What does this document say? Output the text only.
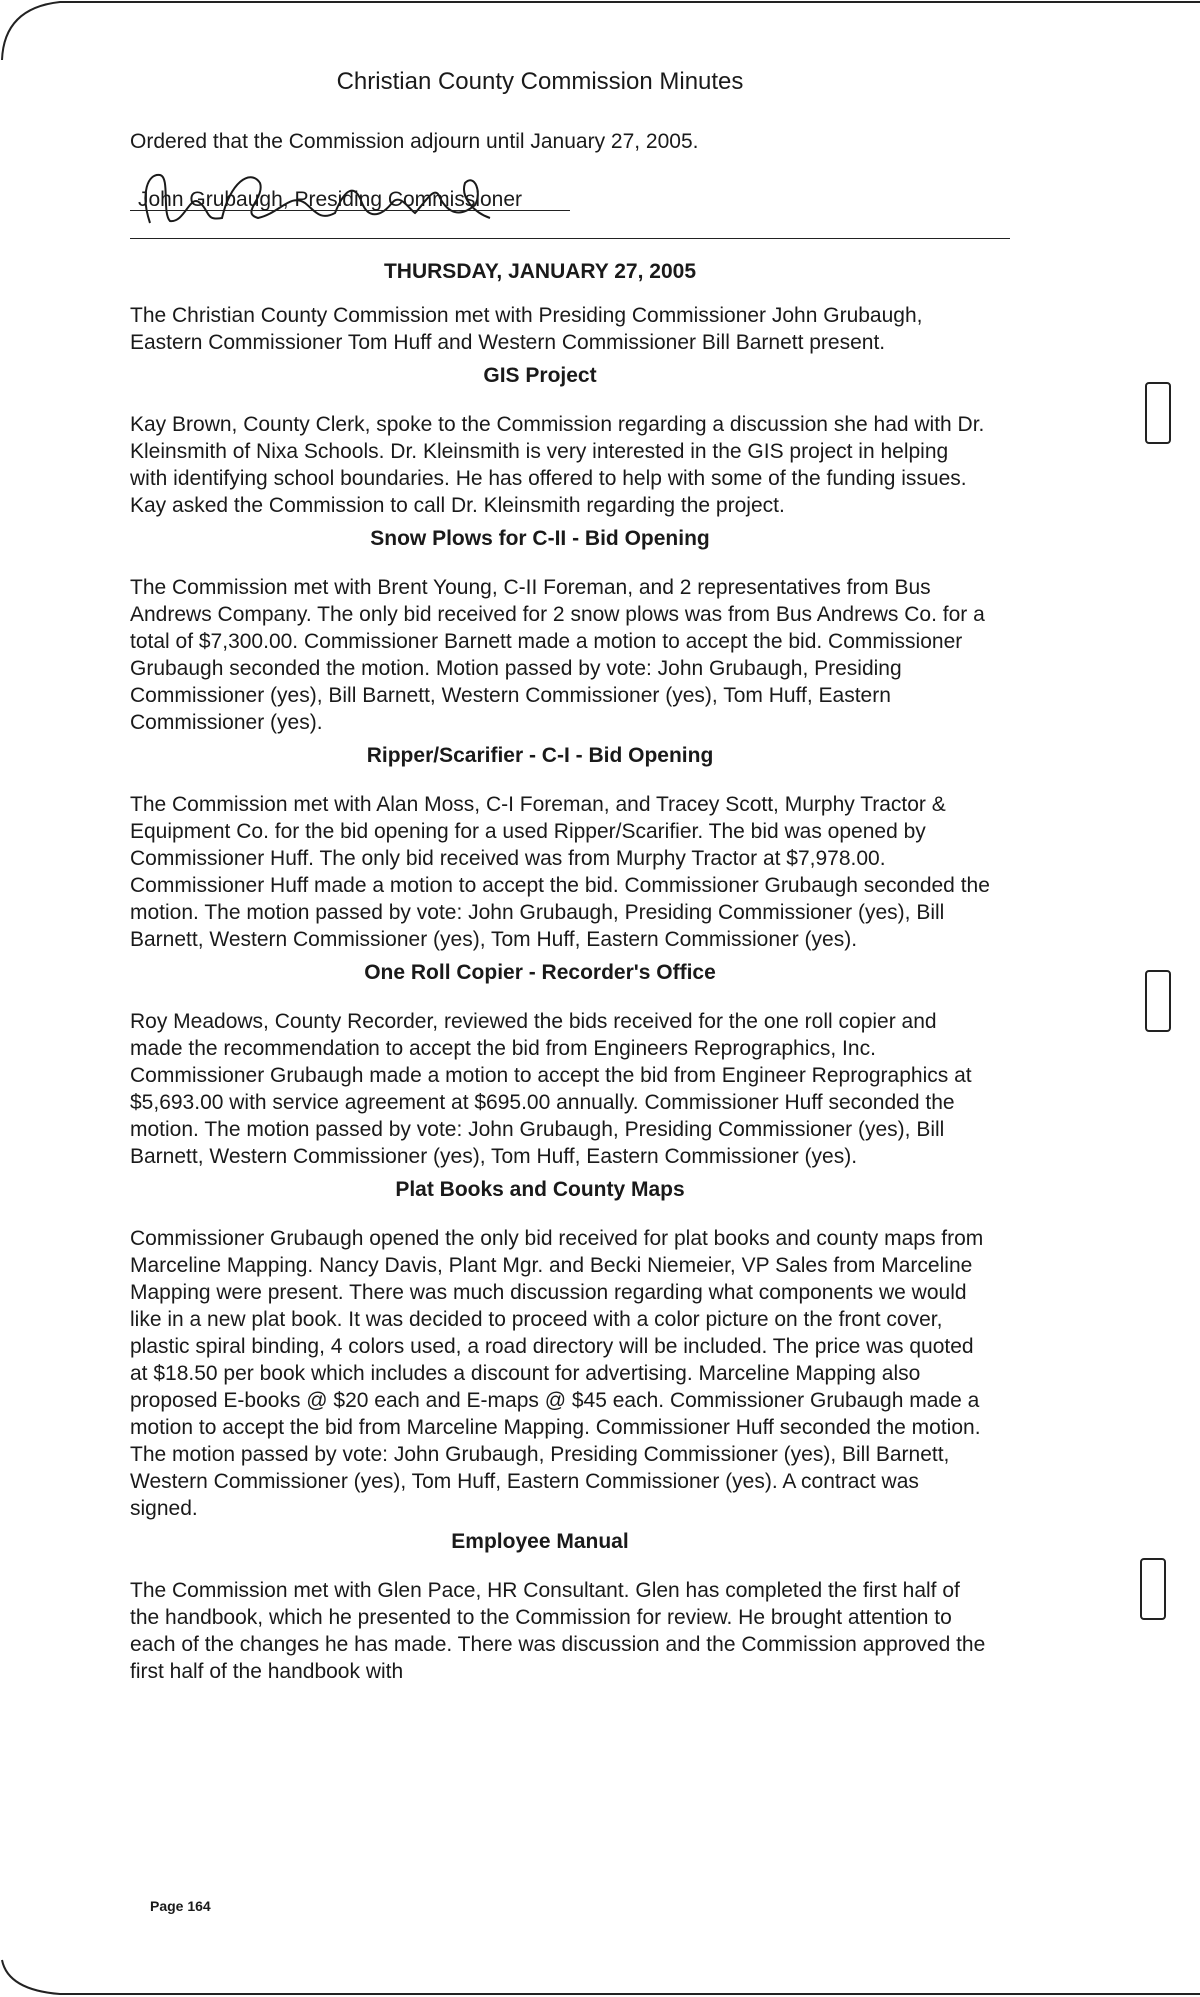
Christian County Commission Minutes
Ordered that the Commission adjourn until January 27, 2005.
John Grubaugh, Presiding Commissioner
THURSDAY, JANUARY 27, 2005

The Christian County Commission met with Presiding Commissioner John Grubaugh, Eastern Commissioner Tom Huff and Western Commissioner Bill Barnett present.

GIS Project

Kay Brown, County Clerk, spoke to the Commission regarding a discussion she had with Dr. Kleinsmith of Nixa Schools. Dr. Kleinsmith is very interested in the GIS project in helping with identifying school boundaries. He has offered to help with some of the funding issues. Kay asked the Commission to call Dr. Kleinsmith regarding the project.

Snow Plows for C-II - Bid Opening

The Commission met with Brent Young, C-II Foreman, and 2 representatives from Bus Andrews Company. The only bid received for 2 snow plows was from Bus Andrews Co. for a total of $7,300.00. Commissioner Barnett made a motion to accept the bid. Commissioner Grubaugh seconded the motion. Motion passed by vote: John Grubaugh, Presiding Commissioner (yes), Bill Barnett, Western Commissioner (yes), Tom Huff, Eastern Commissioner (yes).

Ripper/Scarifier - C-I - Bid Opening

The Commission met with Alan Moss, C-I Foreman, and Tracey Scott, Murphy Tractor & Equipment Co. for the bid opening for a used Ripper/Scarifier. The bid was opened by Commissioner Huff. The only bid received was from Murphy Tractor at $7,978.00. Commissioner Huff made a motion to accept the bid. Commissioner Grubaugh seconded the motion. The motion passed by vote: John Grubaugh, Presiding Commissioner (yes), Bill Barnett, Western Commissioner (yes), Tom Huff, Eastern Commissioner (yes).

One Roll Copier - Recorder's Office

Roy Meadows, County Recorder, reviewed the bids received for the one roll copier and made the recommendation to accept the bid from Engineers Reprographics, Inc. Commissioner Grubaugh made a motion to accept the bid from Engineer Reprographics at $5,693.00 with service agreement at $695.00 annually. Commissioner Huff seconded the motion. The motion passed by vote: John Grubaugh, Presiding Commissioner (yes), Bill Barnett, Western Commissioner (yes), Tom Huff, Eastern Commissioner (yes).

Plat Books and County Maps

Commissioner Grubaugh opened the only bid received for plat books and county maps from Marceline Mapping. Nancy Davis, Plant Mgr. and Becki Niemeier, VP Sales from Marceline Mapping were present. There was much discussion regarding what components we would like in a new plat book. It was decided to proceed with a color picture on the front cover, plastic spiral binding, 4 colors used, a road directory will be included. The price was quoted at $18.50 per book which includes a discount for advertising. Marceline Mapping also proposed E-books @ $20 each and E-maps @ $45 each. Commissioner Grubaugh made a motion to accept the bid from Marceline Mapping. Commissioner Huff seconded the motion. The motion passed by vote: John Grubaugh, Presiding Commissioner (yes), Bill Barnett, Western Commissioner (yes), Tom Huff, Eastern Commissioner (yes). A contract was signed.

Employee Manual

The Commission met with Glen Pace, HR Consultant. Glen has completed the first half of the handbook, which he presented to the Commission for review. He brought attention to each of the changes he has made. There was discussion and the Commission approved the first half of the handbook with

Page 164
